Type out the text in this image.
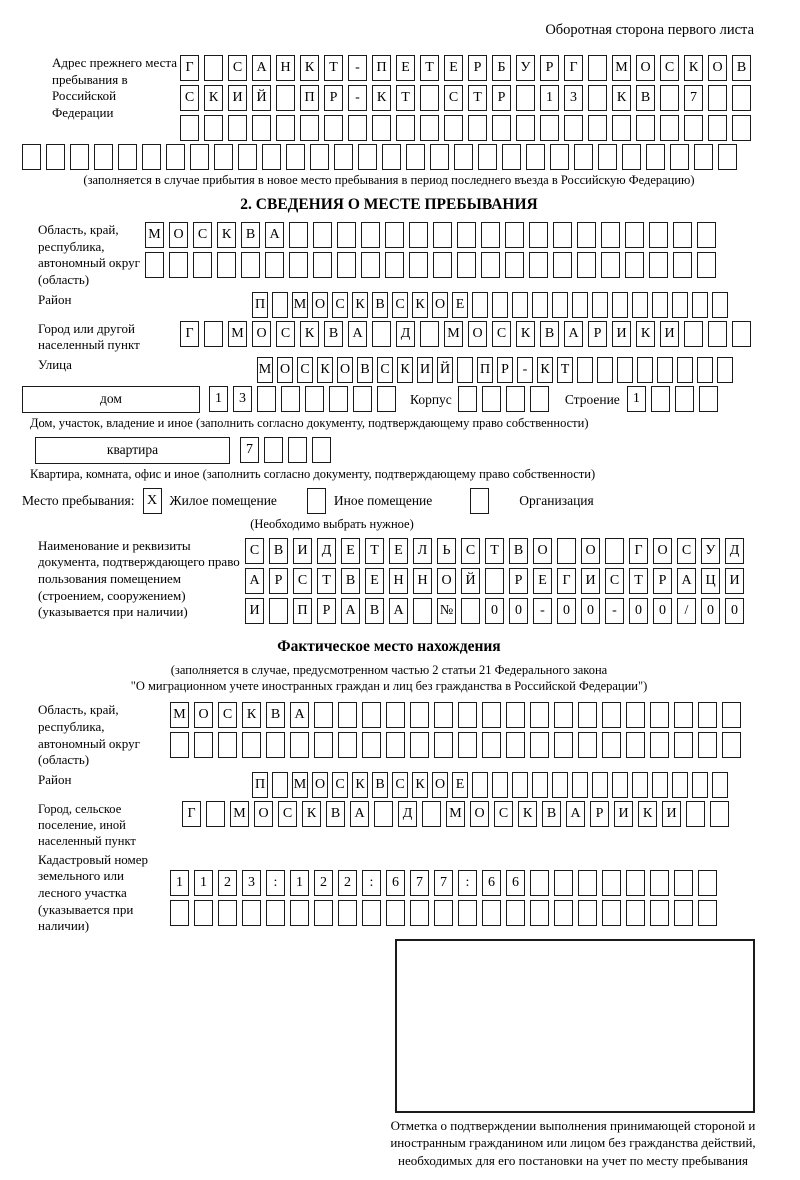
Оборотная сторона первого листа
Адрес прежнего места пребывания в Российской Федерации
Г	С	А Н	К	Т	-	П	Е	Т	Е	Р	Б	У	Р	Г	М О	С	К	О	В
С	К	И Й	П	Р	-	К	Т	С	Т	Р	1	3	К	В	7
(заполняется в случае прибытия в новое место пребывания в период последнего въезда в Российскую Федерацию)
2. СВЕДЕНИЯ О МЕСТЕ ПРЕБЫВАНИЯ
Область, край, республика, автономный округ (область)
М О	С	К	В	А
Район	П М О С К В С К О Е
Город или другой населенный пункт
Г	М О	С	К	В	А	Д	М О	С	К	В	А	Р	И	К	И
Улица	М О С К О В С К И Й П Р - К Т
дом	1	3	Корпус	Строение 1
Дом, участок, владение и иное (заполнить согласно документу, подтверждающему право собственности)
квартира	7
Квартира, комната, офис и иное (заполнить согласно документу, подтверждающему право собственности)
Место пребывания: X Жилое помещение	Иное помещение	Организация
(Необходимо выбрать нужное)
Наименование и реквизиты документа, подтверждающего право пользования помещением (строением, сооружением) (указывается при наличии)
С	В	И	Д	Е	Т	Е	Л	Ь	С	Т	В	О	О	Г	О	С	У	Д
А	Р	С	Т	В	Е	Н Н О Й	Р	Е	Г	И	С	Т	Р	А Ц И
И	П	Р	А	В	А	№	0	0	-	0	0	-	0	0	/	0	0
Фактическое место нахождения
(заполняется в случае, предусмотренном частью 2 статьи 21 Федерального закона
"О миграционном учете иностранных граждан и лиц без гражданства в Российской Федерации")
Область, край, республика, автономный округ (область)
М О	С	К	В	А
Район	П М О С К В С К О Е
Город, сельское поселение, иной населенный пункт
Г	М О	С	К	В	А	Д	М О	С	К	В	А	Р	И	К	И
Кадастровый номер земельного или лесного участка (указывается при наличии)
1	1	2	3	:	1	2	2	:	6	7	7	:	6	6
Отметка о подтверждении выполнения принимающей стороной и иностранным гражданином или лицом без гражданства действий, необходимых для его постановки на учет по месту пребывания
